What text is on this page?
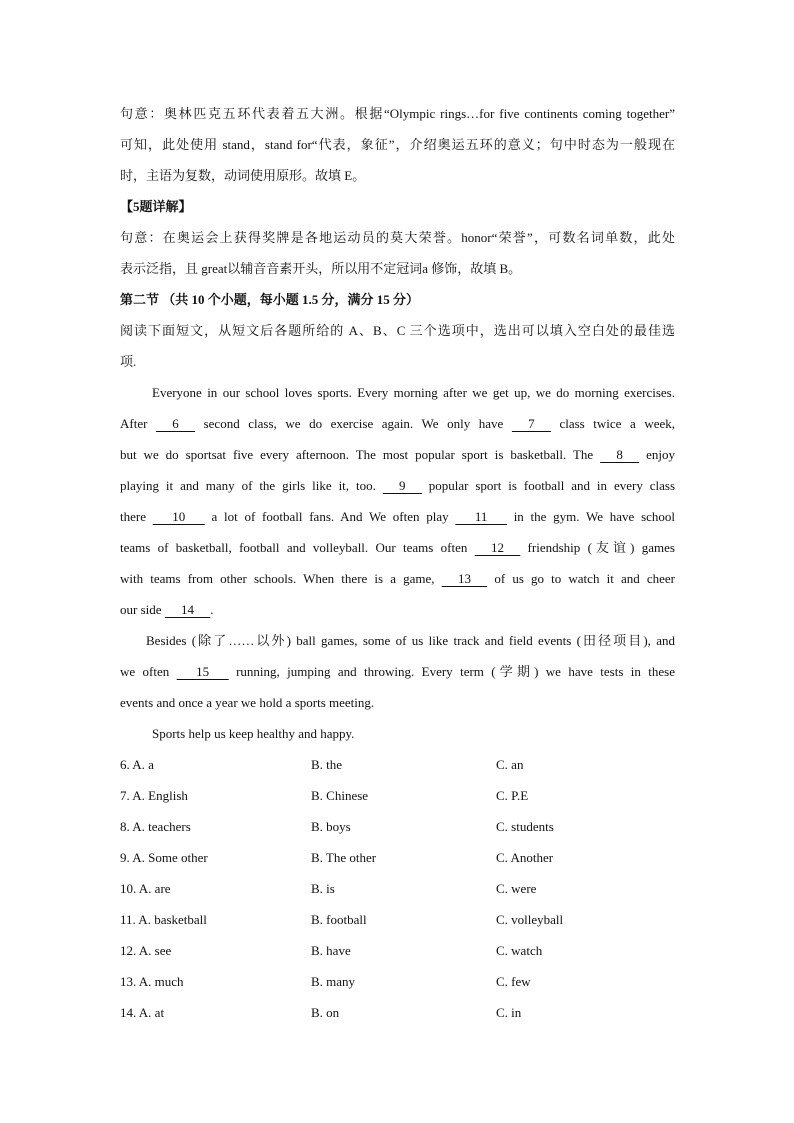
句意：奥林匹克五环代表着五大洲。根据“Olympic rings…for five continents coming together”
可知，此处使用 stand，stand for“代表，象征”，介绍奥运五环的意义；句中时态为一般现在
时，主语为复数，动词使用原形。故填 E。
【5题详解】
句意：在奥运会上获得奖牌是各地运动员的莫大荣誉。honor“荣誉”，可数名词单数，此处
表示泛指，且 great以辅音音素开头，所以用不定冠词a 修饰，故填 B。
第二节 （共 10 个小题，每小题 1.5 分，满分 15 分）
阅读下面短文，从短文后各题所给的 A、B、C 三个选项中，选出可以填入空白处的最佳选
项.
Everyone in our school loves sports. Every morning after we get up, we do morning exercises.
After      6      second class, we do exercise again. We only have      7      class twice a week,
but we do sportsat five every afternoon. The most popular sport is basketball. The      8      enjoy
playing it and many of the girls like it, too.      9      popular sport is football and in every class
there       10       a lot of football fans. And We often play       11       in the gym. We have school
teams of basketball, football and volleyball. Our teams often      12      friendship (友谊) games
with teams from other schools. When there is a game,      13      of us go to watch it and cheer
our side      14     .
Besides (除了……以外) ball games, some of us like track and field events (田径项目), and
we often       15       running, jumping and throwing. Every term (学期) we have tests in these
events and once a year we hold a sports meeting.
Sports help us keep healthy and happy.
6. A. a	B. the	C. an
7. A. English	B. Chinese	C. P.E
8. A. teachers	B. boys	C. students
9. A. Some other	B. The other	C. Another
10. A. are	B. is	C. were
11. A. basketball	B. football	C. volleyball
12. A. see	B. have	C. watch
13. A. much	B. many	C. few
14. A. at	B. on	C. in
